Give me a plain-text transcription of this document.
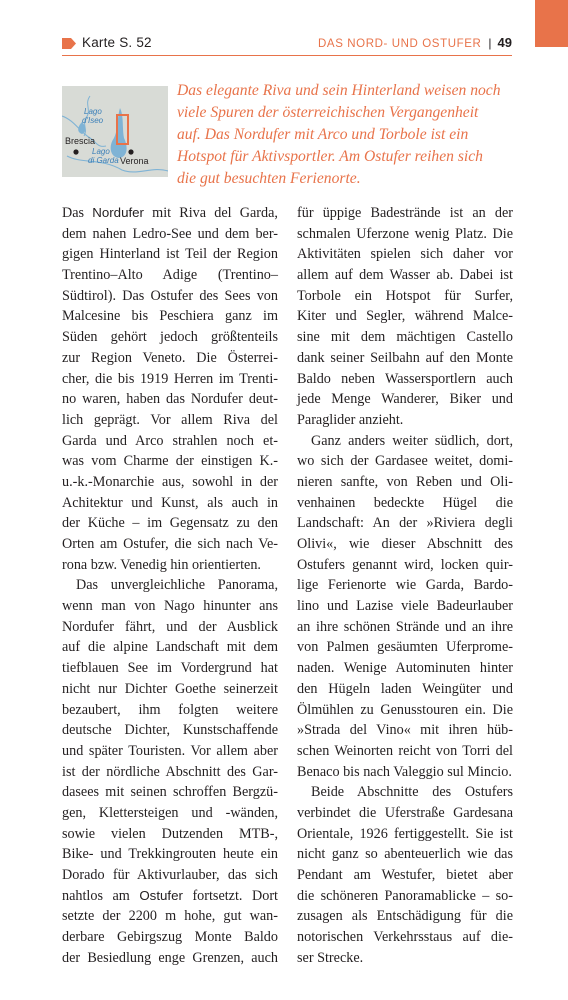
Karte S. 52	DAS NORD- UND OSTUFER | 49
Lago
d'Iseo
Brescia
Lago
di Garda Verona
Das elegante Riva und sein Hinterland weisen noch
viele Spuren der österreichischen Vergangenheit
auf. Das Nordufer mit Arco und Torbole ist ein
Hotspot für Aktivsportler. Am Ostufer reihen sich
die gut besuchten Ferienorte.
Das Nordufer mit Riva del Garda,
dem nahen Ledro-See und dem ber-
gigen Hinterland ist Teil der Region
Trentino–Alto Adige (Trentino–
Südtirol). Das Ostufer des Sees von
Malcesine bis Peschiera ganz im
Süden gehört jedoch größtenteils
zur Region Veneto. Die Österrei-
cher, die bis 1919 Herren im Trenti-
no waren, haben das Nordufer deut-
lich geprägt. Vor allem Riva del
Garda und Arco strahlen noch et-
was vom Charme der einstigen K.-
u.-k.-Monarchie aus, sowohl in der
Achitektur und Kunst, als auch in
der Küche – im Gegensatz zu den
Orten am Ostufer, die sich nach Ve-
rona bzw. Venedig hin orientierten.
Das unvergleichliche Panorama,
wenn man von Nago hinunter ans
Nordufer fährt, und der Ausblick
auf die alpine Landschaft mit dem
tiefblauen See im Vordergrund hat
nicht nur Dichter Goethe seinerzeit
bezaubert, ihm folgten weitere
deutsche Dichter, Kunstschaffende
und später Touristen. Vor allem aber
ist der nördliche Abschnitt des Gar-
dasees mit seinen schroffen Bergzü-
gen, Klettersteigen und -wänden,
sowie vielen Dutzenden MTB-,
Bike- und Trekkingrouten heute ein
Dorado für Aktivurlauber, das sich
nahtlos am Ostufer fortsetzt. Dort
setzte der 2200 m hohe, gut wan-
derbare Gebirgszug Monte Baldo
der Besiedlung enge Grenzen, auch
für üppige Badestrände ist an der
schmalen Uferzone wenig Platz. Die
Aktivitäten spielen sich daher vor
allem auf dem Wasser ab. Dabei ist
Torbole ein Hotspot für Surfer,
Kiter und Segler, während Malce-
sine mit dem mächtigen Castello
dank seiner Seilbahn auf den Monte
Baldo neben Wassersportlern auch
jede Menge Wanderer, Biker und
Paraglider anzieht.
Ganz anders weiter südlich, dort,
wo sich der Gardasee weitet, domi-
nieren sanfte, von Reben und Oli-
venhainen bedeckte Hügel die
Landschaft: An der »Riviera degli
Olivi«, wie dieser Abschnitt des
Ostufers genannt wird, locken quir-
lige Ferienorte wie Garda, Bardo-
lino und Lazise viele Badeurlauber
an ihre schönen Strände und an ihre
von Palmen gesäumten Uferprome-
naden. Wenige Autominuten hinter
den Hügeln laden Weingüter und
Ölmühlen zu Genusstouren ein. Die
»Strada del Vino« mit ihren hüb-
schen Weinorten reicht von Torri del
Benaco bis nach Valeggio sul Mincio.
Beide Abschnitte des Ostufers
verbindet die Uferstraße Gardesana
Orientale, 1926 fertiggestellt. Sie ist
nicht ganz so abenteuerlich wie das
Pendant am Westufer, bietet aber
die schöneren Panoramablicke – so-
zusagen als Entschädigung für die
notorischen Verkehrsstaus auf die-
ser Strecke.
